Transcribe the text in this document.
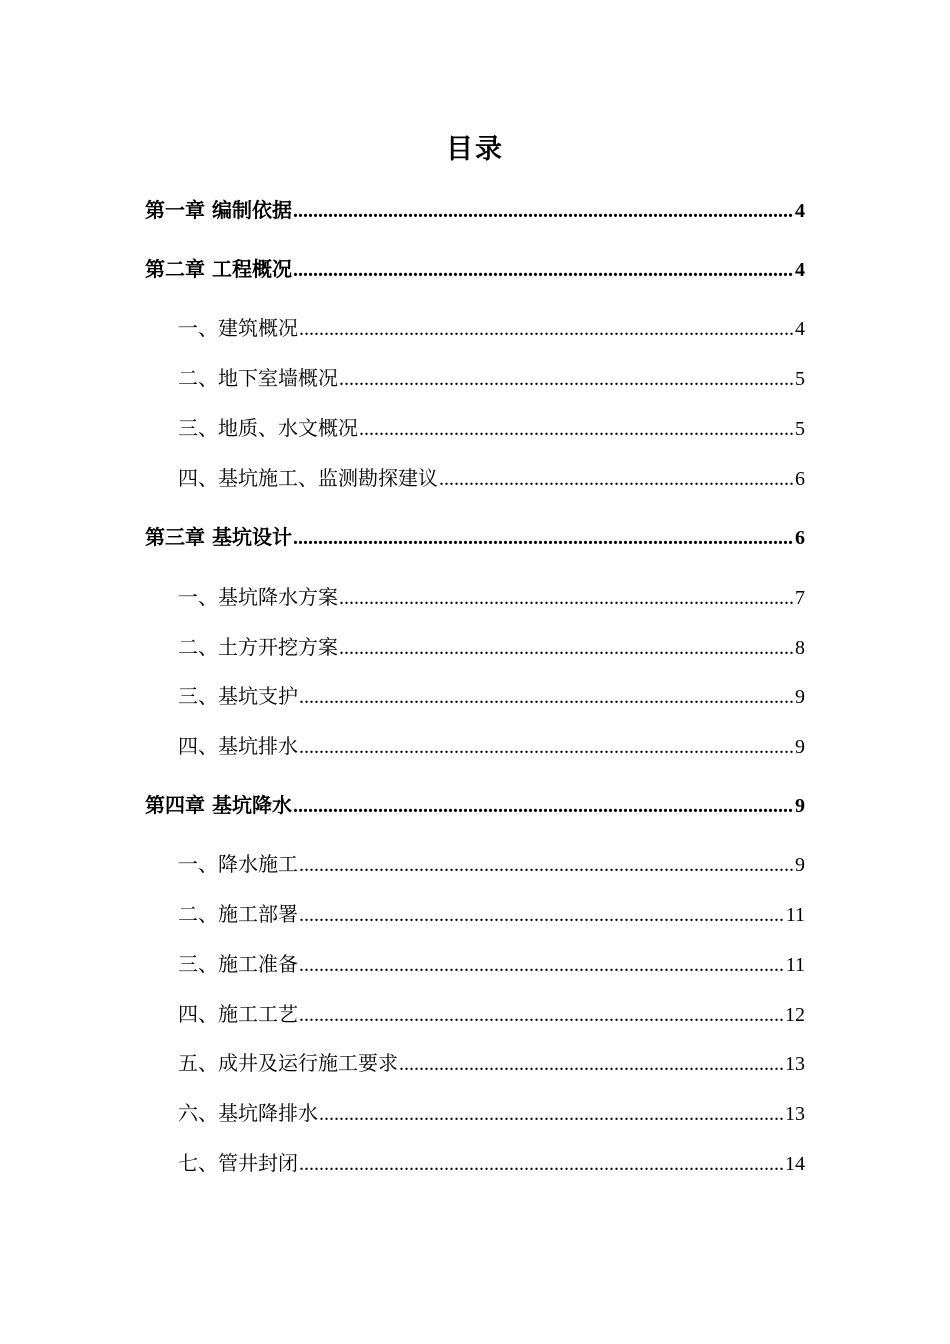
目录
第一章 编制依据 .....	4
第二章 工程概况 .....	4
一、建筑概况 .....	4
二、地下室墙概况 .....	5
三、地质、水文概况 .....	5
四、基坑施工、监测勘探建议 .....	6
第三章 基坑设计 .....	6
一、基坑降水方案 .....	7
二、土方开挖方案 .....	8
三、基坑支护 .....	9
四、基坑排水 .....	9
第四章 基坑降水 .....	9
一、降水施工 .....	9
二、施工部署 .....	11
三、施工准备 .....	11
四、施工工艺 .....	12
五、成井及运行施工要求 .....	13
六、基坑降排水 .....	13
七、管井封闭 .....	14
